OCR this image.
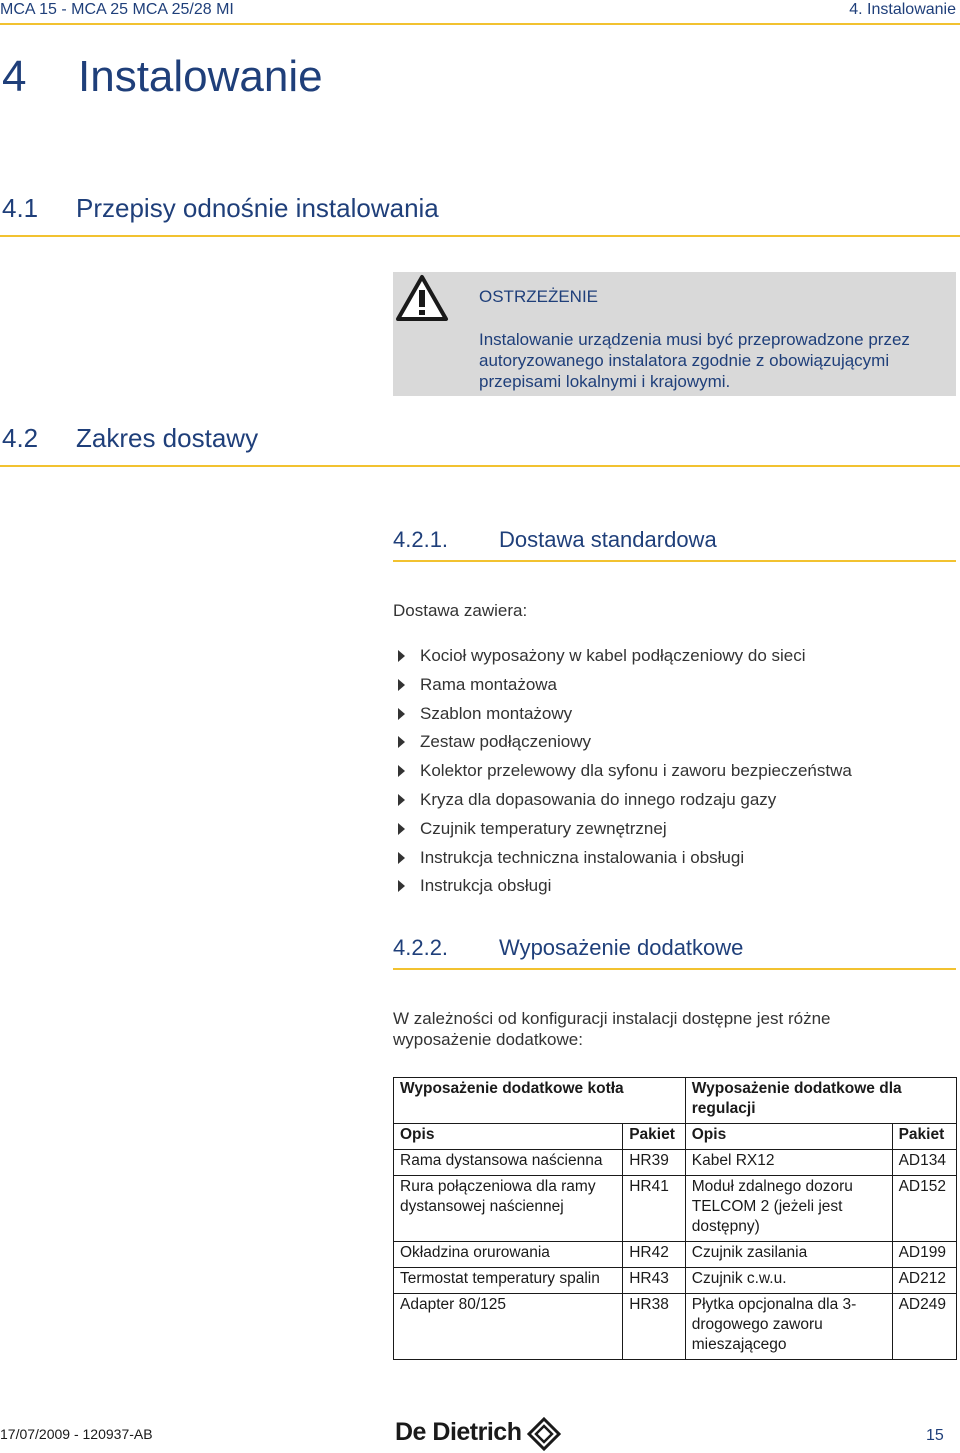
MCA 15 - MCA 25 MCA 25/28 MI	4. Instalowanie
4 Instalowanie
4.1 Przepisy odnośnie instalowania
OSTRZEŻENIE
Instalowanie urządzenia musi być przeprowadzone przez autoryzowanego instalatora zgodnie z obowiązującymi przepisami lokalnymi i krajowymi.
4.2 Zakres dostawy
4.2.1. Dostawa standardowa
Dostawa zawiera:
Kocioł wyposażony w kabel podłączeniowy do sieci
Rama montażowa
Szablon montażowy
Zestaw podłączeniowy
Kolektor przelewowy dla syfonu i zaworu bezpieczeństwa
Kryza dla dopasowania do innego rodzaju gazy
Czujnik temperatury zewnętrznej
Instrukcja techniczna instalowania i obsługi
Instrukcja obsługi
4.2.2. Wyposażenie dodatkowe
W zależności od konfiguracji instalacji dostępne jest różne wyposażenie dodatkowe:
Wyposażenie dodatkowe kotła		Wyposażenie dodatkowe dla regulacji	
Opis	Pakiet	Opis	Pakiet
Rama dystansowa naścienna	HR39	Kabel RX12	AD134
Rura połączeniowa dla ramy dystansowej naściennej	HR41	Moduł zdalnego dozoru TELCOM 2 (jeżeli jest dostępny)	AD152
Okładzina orurowania	HR42	Czujnik zasilania	AD199
Termostat temperatury spalin	HR43	Czujnik c.w.u.	AD212
Adapter 80/125	HR38	Płytka opcjonalna dla 3-drogowego zaworu mieszającego	AD249
17/07/2009 - 120937-AB	De Dietrich	15
